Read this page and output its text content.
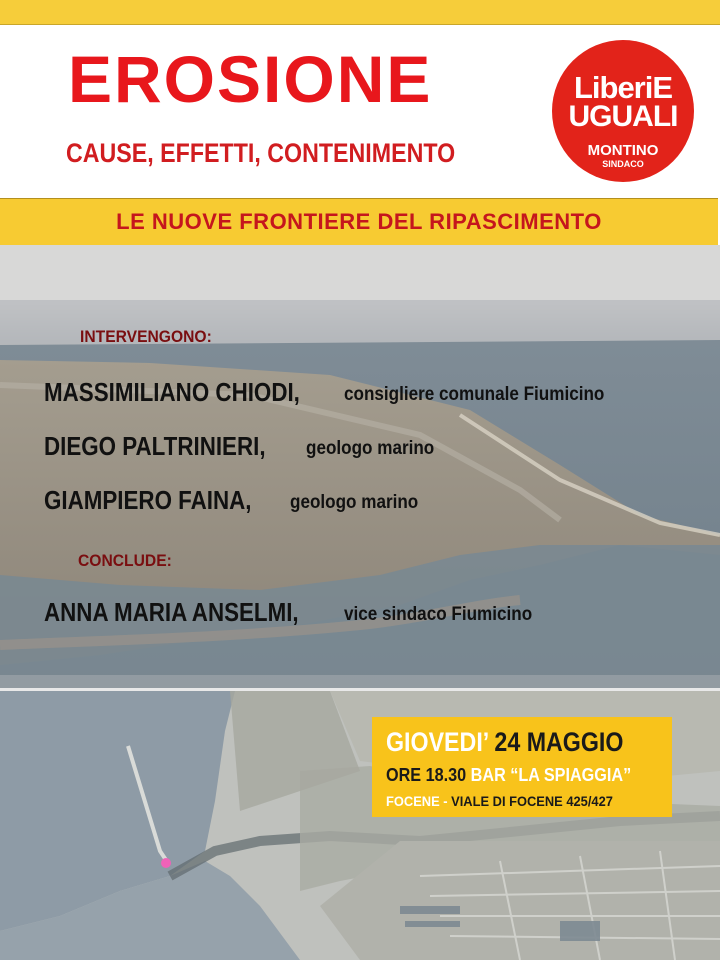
EROSIONE
CAUSE, EFFETTI, CONTENIMENTO
LiberiE
UGUALI
MONTINO
SINDACO
LE NUOVE FRONTIERE DEL RIPASCIMENTO
INTERVENGONO:
MASSIMILIANO CHIODI, consigliere comunale Fiumicino
DIEGO PALTRINIERI, geologo marino
GIAMPIERO FAINA, geologo marino
CONCLUDE:
ANNA MARIA ANSELMI, vice sindaco Fiumicino
GIOVEDI’ 24 MAGGIO
ORE 18.30 BAR “LA SPIAGGIA”
FOCENE - VIALE DI FOCENE 425/427
